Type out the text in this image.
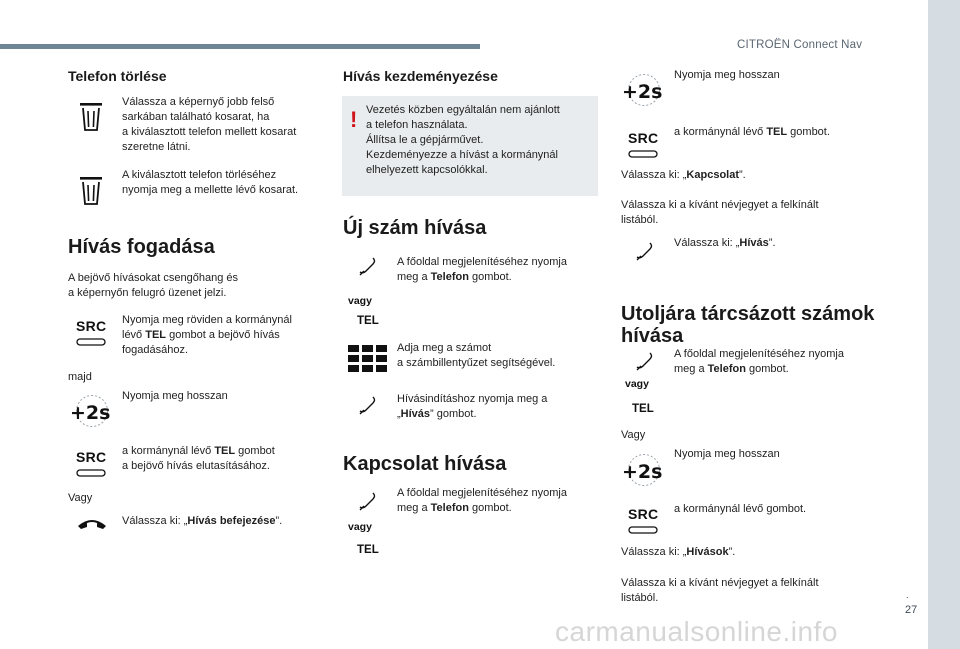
CITROËN Connect Nav
.
27
carmanualsonline.info
Telefon törlése
Válassza a képernyő jobb felső
sarkában található kosarat, ha
a kiválasztott telefon mellett kosarat
szeretne látni.
A kiválasztott telefon törléséhez
nyomja meg a mellette lévő kosarat.
Hívás fogadása
A bejövő hívásokat csengőhang és
a képernyőn felugró üzenet jelzi.
SRC	Nyomja meg röviden a kormánynál
lévő TEL gombot a bejövő hívás
fogadásához.
majd
+2s
Nyomja meg hosszan
SRC	a kormánynál lévő TEL gombot
a bejövő hívás elutasításához.
Vagy
Válassza ki: „Hívás befejezése”.
Hívás kezdeményezése
! Vezetés közben egyáltalán nem ajánlott
a telefon használata.
Állítsa le a gépjárművet.
Kezdeményezze a hívást a kormánynál
elhelyezett kapcsolókkal.
Új szám hívása
vagy
TEL
A főoldal megjelenítéséhez nyomja
meg a Telefon gombot.
Adja meg a számot
a számbillentyűzet segítségével.
Hívásindításhoz nyomja meg a
„Hívás” gombot.
Kapcsolat hívása
vagy
TEL
A főoldal megjelenítéséhez nyomja
meg a Telefon gombot.
+2s
Nyomja meg hosszan
SRC	a kormánynál lévő TEL gombot.
Válassza ki: „Kapcsolat”.
Válassza ki a kívánt névjegyet a felkínált
listából.
Válassza ki: „Hívás”.
Utoljára tárcsázott számok
hívása
vagy
TEL
A főoldal megjelenítéséhez nyomja
meg a Telefon gombot.
Vagy
+2s
Nyomja meg hosszan
SRC	a kormánynál lévő gombot.
Válassza ki: „Hívások”.
Válassza ki a kívánt névjegyet a felkínált
listából.
